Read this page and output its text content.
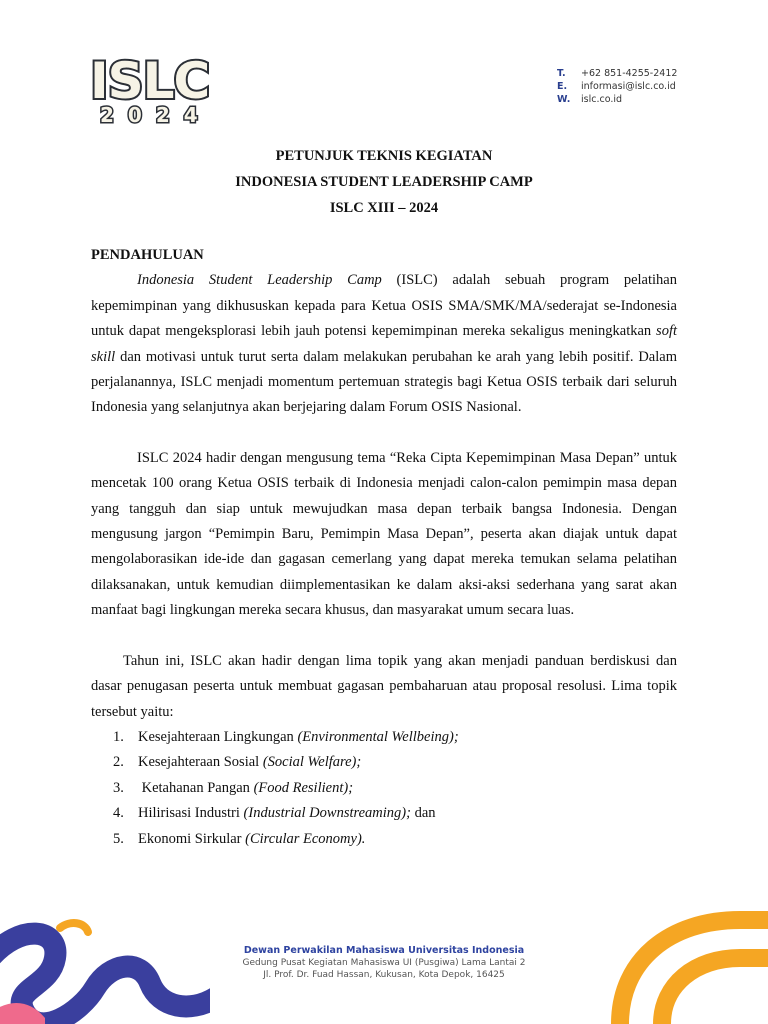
ISLC
2024
T.	+62 851-4255-2412
E.	informasi@islc.co.id
W.	islc.co.id
PETUNJUK TEKNIS KEGIATAN
INDONESIA STUDENT LEADERSHIP CAMP
ISLC XIII – 2024
PENDAHULUAN

Indonesia Student Leadership Camp (ISLC) adalah sebuah program pelatihan kepemimpinan yang dikhususkan kepada para Ketua OSIS SMA/SMK/MA/sederajat se-Indonesia untuk dapat mengeksplorasi lebih jauh potensi kepemimpinan mereka sekaligus meningkatkan soft skill dan motivasi untuk turut serta dalam melakukan perubahan ke arah yang lebih positif. Dalam perjalanannya, ISLC menjadi momentum pertemuan strategis bagi Ketua OSIS terbaik dari seluruh Indonesia yang selanjutnya akan berjejaring dalam Forum OSIS Nasional.

ISLC 2024 hadir dengan mengusung tema “Reka Cipta Kepemimpinan Masa Depan” untuk mencetak 100 orang Ketua OSIS terbaik di Indonesia menjadi calon-calon pemimpin masa depan yang tangguh dan siap untuk mewujudkan masa depan terbaik bangsa Indonesia. Dengan mengusung jargon “Pemimpin Baru, Pemimpin Masa Depan”, peserta akan diajak untuk dapat mengolaborasikan ide-ide dan gagasan cemerlang yang dapat mereka temukan selama pelatihan dilaksanakan, untuk kemudian diimplementasikan ke dalam aksi-aksi sederhana yang sarat akan manfaat bagi lingkungan mereka secara khusus, dan masyarakat umum secara luas.

Tahun ini, ISLC akan hadir dengan lima topik yang akan menjadi panduan berdiskusi dan dasar penugasan peserta untuk membuat gagasan pembaharuan atau proposal resolusi. Lima topik tersebut yaitu:

1. Kesejahteraan Lingkungan (Environmental Wellbeing);
2. Kesejahteraan Sosial (Social Welfare);
3. Ketahanan Pangan (Food Resilient);
4. Hilirisasi Industri (Industrial Downstreaming); dan
5. Ekonomi Sirkular (Circular Economy).
Dewan Perwakilan Mahasiswa Universitas Indonesia
Gedung Pusat Kegiatan Mahasiswa UI (Pusgiwa) Lama Lantai 2
Jl. Prof. Dr. Fuad Hassan, Kukusan, Kota Depok, 16425
